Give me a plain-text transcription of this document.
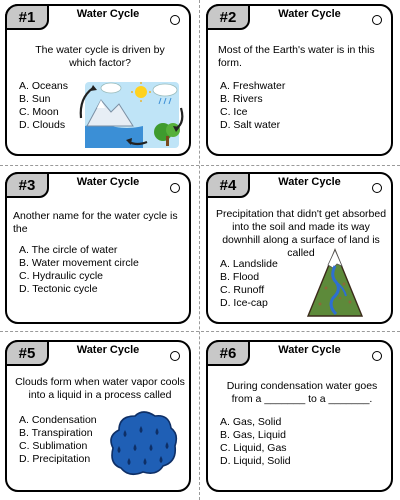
#1	Water Cycle
The water cycle is driven by which factor?
A. Oceans
B. Sun
C. Moon
D. Clouds
#2	Water Cycle
Most of the Earth's water is in this form.
A. Freshwater
B. Rivers
C. Ice
D. Salt water
#3	Water Cycle
Another name for the water cycle is the
A. The circle of water
B. Water movement circle
C. Hydraulic cycle
D. Tectonic cycle
#4	Water Cycle
Precipitation that didn't get absorbed into the soil and made its way downhill along a surface of land is called
A. Landslide
B. Flood
C. Runoff
D. Ice-cap
#5	Water Cycle
Clouds form when water vapor cools into a liquid in a process called
A. Condensation
B. Transpiration
C. Sublimation
D. Precipitation
#6	Water Cycle
During condensation water goes from a _______ to a _______.
A. Gas, Solid
B. Gas, Liquid
C. Liquid, Gas
D. Liquid, Solid
